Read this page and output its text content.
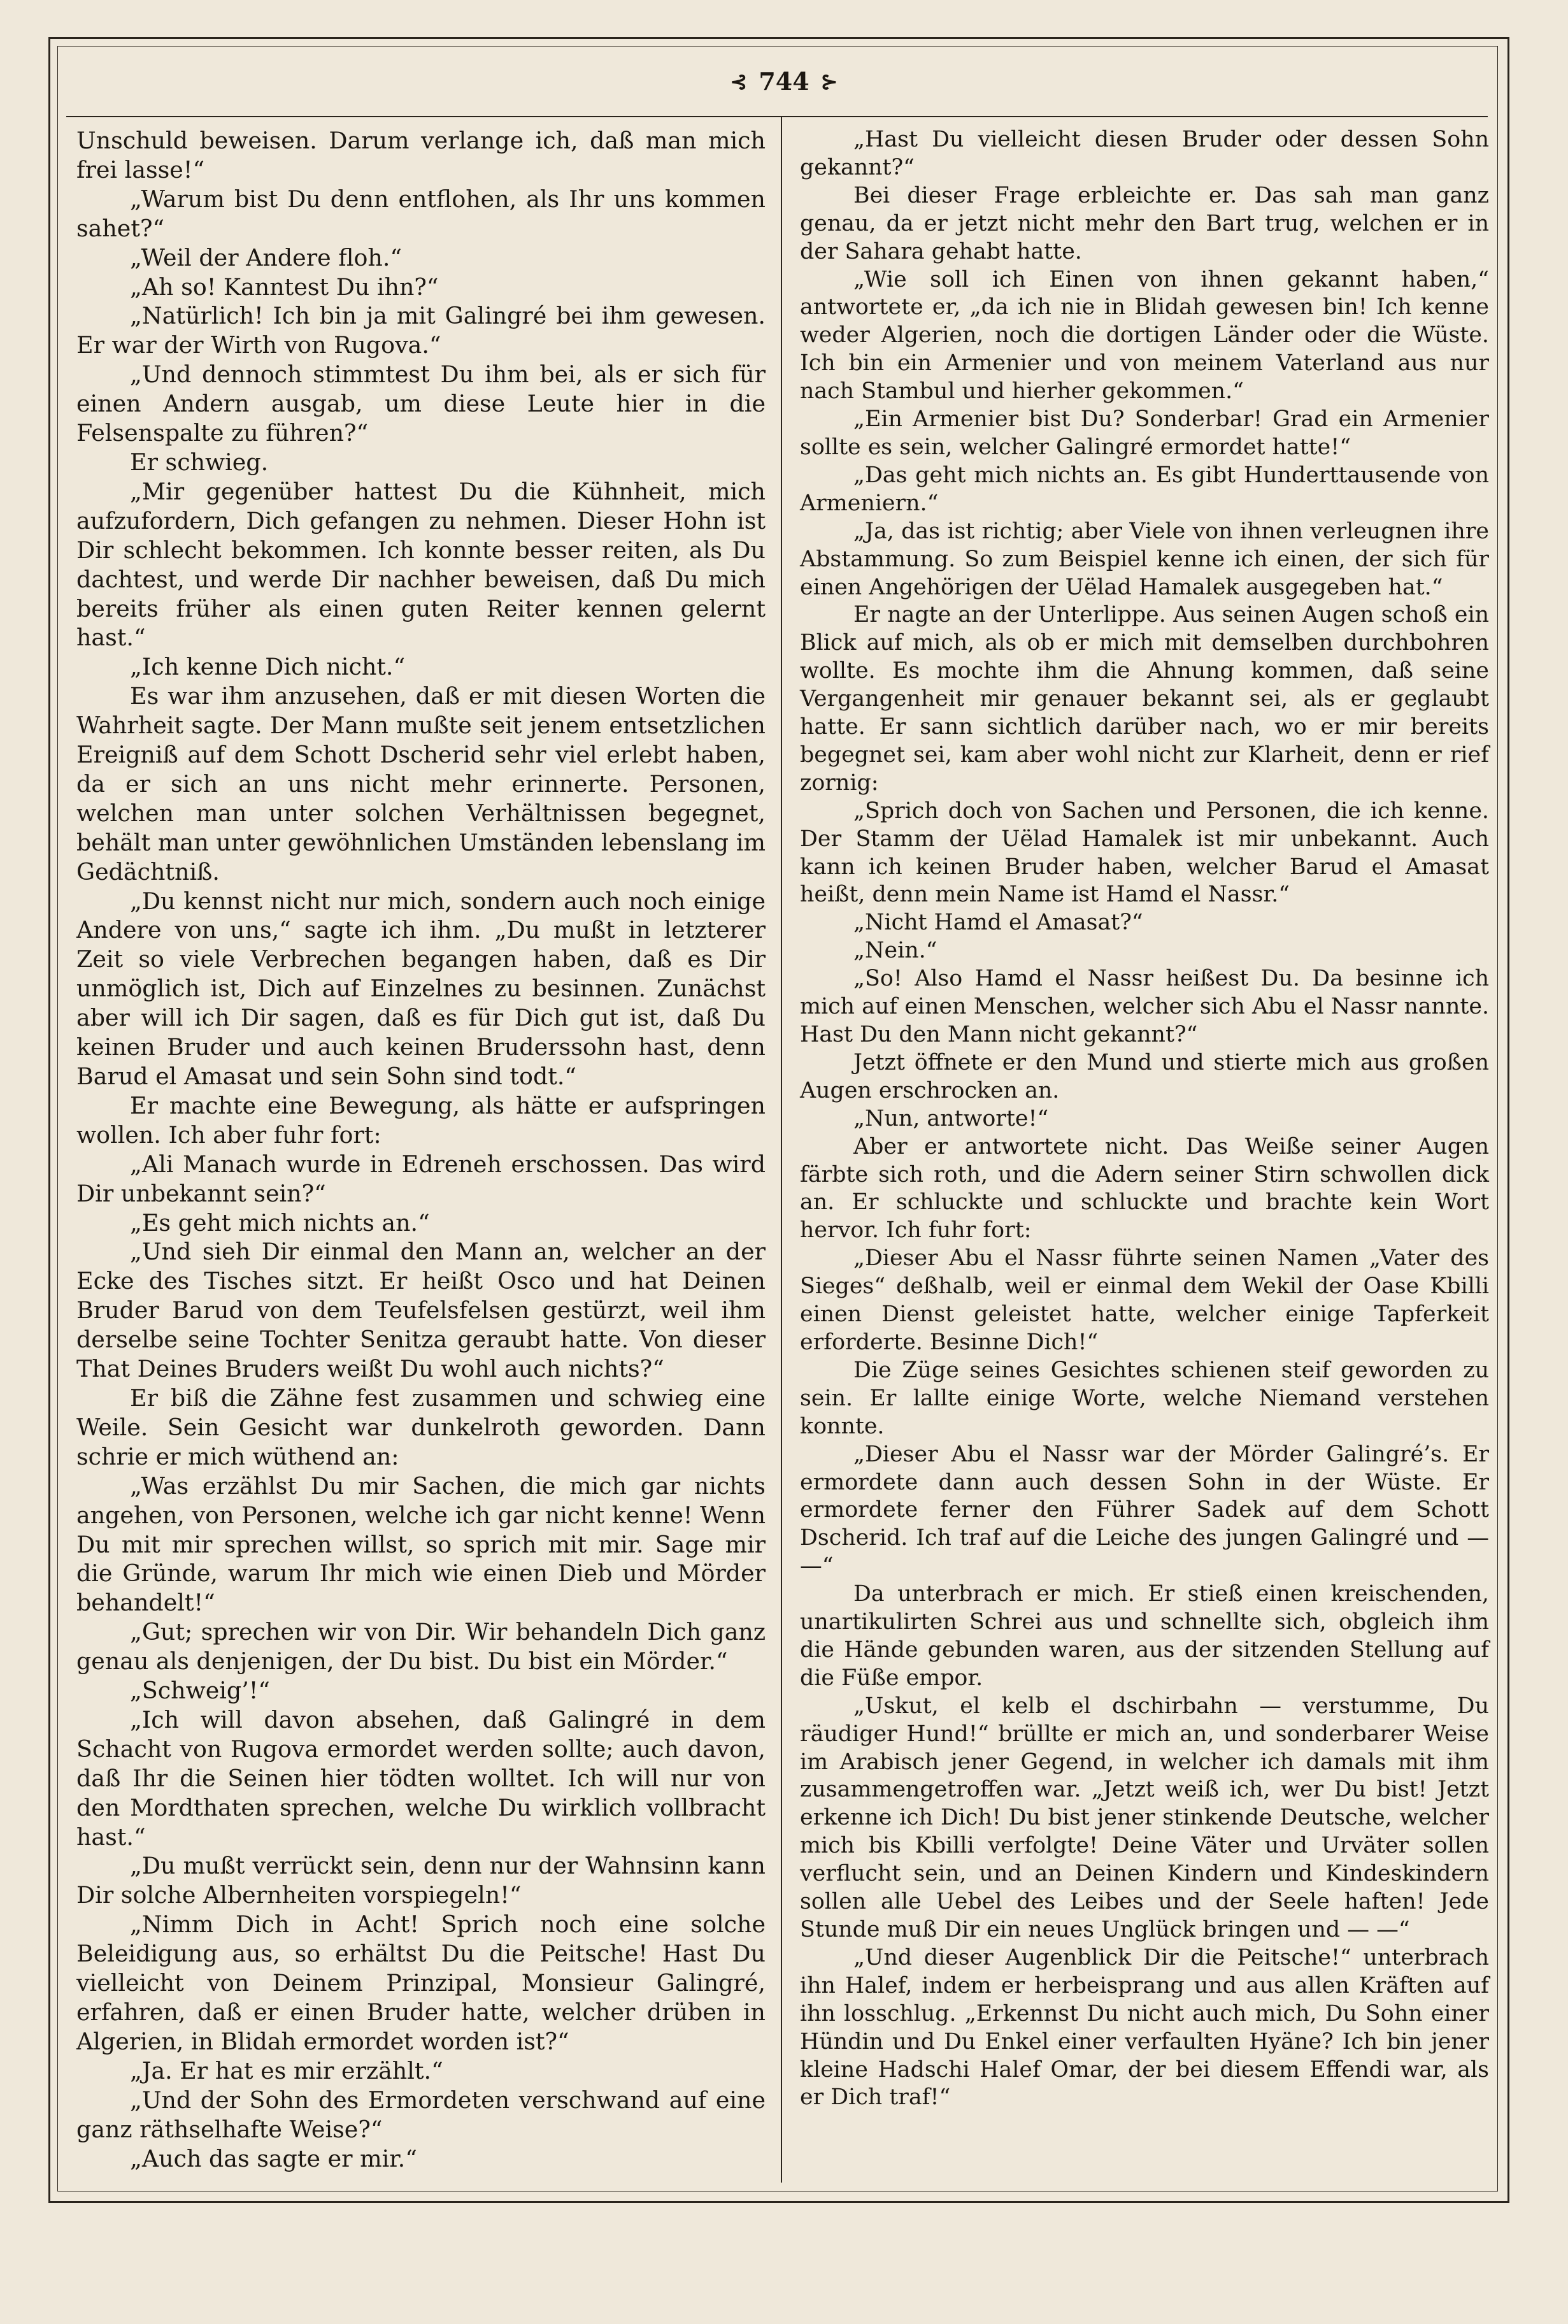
⊰ 744 ⊱

Unschuld beweisen. Darum verlange ich, daß man mich frei lasse!“

„Warum bist Du denn entflohen, als Ihr uns kommen sahet?“

„Weil der Andere floh.“

„Ah so! Kanntest Du ihn?“

„Natürlich! Ich bin ja mit Galingré bei ihm gewesen. Er war der Wirth von Rugova.“

„Und dennoch stimmtest Du ihm bei, als er sich für einen Andern ausgab, um diese Leute hier in die Felsenspalte zu führen?“

Er schwieg.

„Mir gegenüber hattest Du die Kühnheit, mich aufzufordern, Dich gefangen zu nehmen. Dieser Hohn ist Dir schlecht bekommen. Ich konnte besser reiten, als Du dachtest, und werde Dir nachher beweisen, daß Du mich bereits früher als einen guten Reiter kennen gelernt hast.“

„Ich kenne Dich nicht.“

Es war ihm anzusehen, daß er mit diesen Worten die Wahrheit sagte. Der Mann mußte seit jenem entsetzlichen Ereigniß auf dem Schott Dscherid sehr viel erlebt haben, da er sich an uns nicht mehr erinnerte. Personen, welchen man unter solchen Verhältnissen begegnet, behält man unter gewöhnlichen Umständen lebenslang im Gedächtniß.

„Du kennst nicht nur mich, sondern auch noch einige Andere von uns,“ sagte ich ihm. „Du mußt in letzterer Zeit so viele Verbrechen begangen haben, daß es Dir unmöglich ist, Dich auf Einzelnes zu besinnen. Zunächst aber will ich Dir sagen, daß es für Dich gut ist, daß Du keinen Bruder und auch keinen Bruderssohn hast, denn Barud el Amasat und sein Sohn sind todt.“

Er machte eine Bewegung, als hätte er aufspringen wollen. Ich aber fuhr fort:

„Ali Manach wurde in Edreneh erschossen. Das wird Dir unbekannt sein?“

„Es geht mich nichts an.“

„Und sieh Dir einmal den Mann an, welcher an der Ecke des Tisches sitzt. Er heißt Osco und hat Deinen Bruder Barud von dem Teufelsfelsen gestürzt, weil ihm derselbe seine Tochter Senitza geraubt hatte. Von dieser That Deines Bruders weißt Du wohl auch nichts?“

Er biß die Zähne fest zusammen und schwieg eine Weile. Sein Gesicht war dunkelroth geworden. Dann schrie er mich wüthend an:

„Was erzählst Du mir Sachen, die mich gar nichts angehen, von Personen, welche ich gar nicht kenne! Wenn Du mit mir sprechen willst, so sprich mit mir. Sage mir die Gründe, warum Ihr mich wie einen Dieb und Mörder behandelt!“

„Gut; sprechen wir von Dir. Wir behandeln Dich ganz genau als denjenigen, der Du bist. Du bist ein Mörder.“

„Schweig’!“

„Ich will davon absehen, daß Galingré in dem Schacht von Rugova ermordet werden sollte; auch davon, daß Ihr die Seinen hier tödten wolltet. Ich will nur von den Mordthaten sprechen, welche Du wirklich vollbracht hast.“

„Du mußt verrückt sein, denn nur der Wahnsinn kann Dir solche Albernheiten vorspiegeln!“

„Nimm Dich in Acht! Sprich noch eine solche Beleidigung aus, so erhältst Du die Peitsche! Hast Du vielleicht von Deinem Prinzipal, Monsieur Galingré, erfahren, daß er einen Bruder hatte, welcher drüben in Algerien, in Blidah ermordet worden ist?“

„Ja. Er hat es mir erzählt.“

„Und der Sohn des Ermordeten verschwand auf eine ganz räthselhafte Weise?“

„Auch das sagte er mir.“

„Hast Du vielleicht diesen Bruder oder dessen Sohn gekannt?“

Bei dieser Frage erbleichte er. Das sah man ganz genau, da er jetzt nicht mehr den Bart trug, welchen er in der Sahara gehabt hatte.

„Wie soll ich Einen von ihnen gekannt haben,“ antwortete er, „da ich nie in Blidah gewesen bin! Ich kenne weder Algerien, noch die dortigen Länder oder die Wüste. Ich bin ein Armenier und von meinem Vaterland aus nur nach Stambul und hierher gekommen.“

„Ein Armenier bist Du? Sonderbar! Grad ein Armenier sollte es sein, welcher Galingré ermordet hatte!“

„Das geht mich nichts an. Es gibt Hunderttausende von Armeniern.“

„Ja, das ist richtig; aber Viele von ihnen verleugnen ihre Abstammung. So zum Beispiel kenne ich einen, der sich für einen Angehörigen der Uëlad Hamalek ausgegeben hat.“

Er nagte an der Unterlippe. Aus seinen Augen schoß ein Blick auf mich, als ob er mich mit demselben durchbohren wollte. Es mochte ihm die Ahnung kommen, daß seine Vergangenheit mir genauer bekannt sei, als er geglaubt hatte. Er sann sichtlich darüber nach, wo er mir bereits begegnet sei, kam aber wohl nicht zur Klarheit, denn er rief zornig:

„Sprich doch von Sachen und Personen, die ich kenne. Der Stamm der Uëlad Hamalek ist mir unbekannt. Auch kann ich keinen Bruder haben, welcher Barud el Amasat heißt, denn mein Name ist Hamd el Nassr.“

„Nicht Hamd el Amasat?“

„Nein.“

„So! Also Hamd el Nassr heißest Du. Da besinne ich mich auf einen Menschen, welcher sich Abu el Nassr nannte. Hast Du den Mann nicht gekannt?“

Jetzt öffnete er den Mund und stierte mich aus großen Augen erschrocken an.

„Nun, antworte!“

Aber er antwortete nicht. Das Weiße seiner Augen färbte sich roth, und die Adern seiner Stirn schwollen dick an. Er schluckte und schluckte und brachte kein Wort hervor. Ich fuhr fort:

„Dieser Abu el Nassr führte seinen Namen „Vater des Sieges“ deßhalb, weil er einmal dem Wekil der Oase Kbilli einen Dienst geleistet hatte, welcher einige Tapferkeit erforderte. Besinne Dich!“

Die Züge seines Gesichtes schienen steif geworden zu sein. Er lallte einige Worte, welche Niemand verstehen konnte.

„Dieser Abu el Nassr war der Mörder Galingré’s. Er ermordete dann auch dessen Sohn in der Wüste. Er ermordete ferner den Führer Sadek auf dem Schott Dscherid. Ich traf auf die Leiche des jungen Galingré und — —“

Da unterbrach er mich. Er stieß einen kreischenden, unartikulirten Schrei aus und schnellte sich, obgleich ihm die Hände gebunden waren, aus der sitzenden Stellung auf die Füße empor.

„Uskut, el kelb el dschirbahn — verstumme, Du räudiger Hund!“ brüllte er mich an, und sonderbarer Weise im Arabisch jener Gegend, in welcher ich damals mit ihm zusammengetroffen war. „Jetzt weiß ich, wer Du bist! Jetzt erkenne ich Dich! Du bist jener stinkende Deutsche, welcher mich bis Kbilli verfolgte! Deine Väter und Urväter sollen verflucht sein, und an Deinen Kindern und Kindeskindern sollen alle Uebel des Leibes und der Seele haften! Jede Stunde muß Dir ein neues Unglück bringen und — —“

„Und dieser Augenblick Dir die Peitsche!“ unterbrach ihn Halef, indem er herbeisprang und aus allen Kräften auf ihn losschlug. „Erkennst Du nicht auch mich, Du Sohn einer Hündin und Du Enkel einer verfaulten Hyäne? Ich bin jener kleine Hadschi Halef Omar, der bei diesem Effendi war, als er Dich traf!“
